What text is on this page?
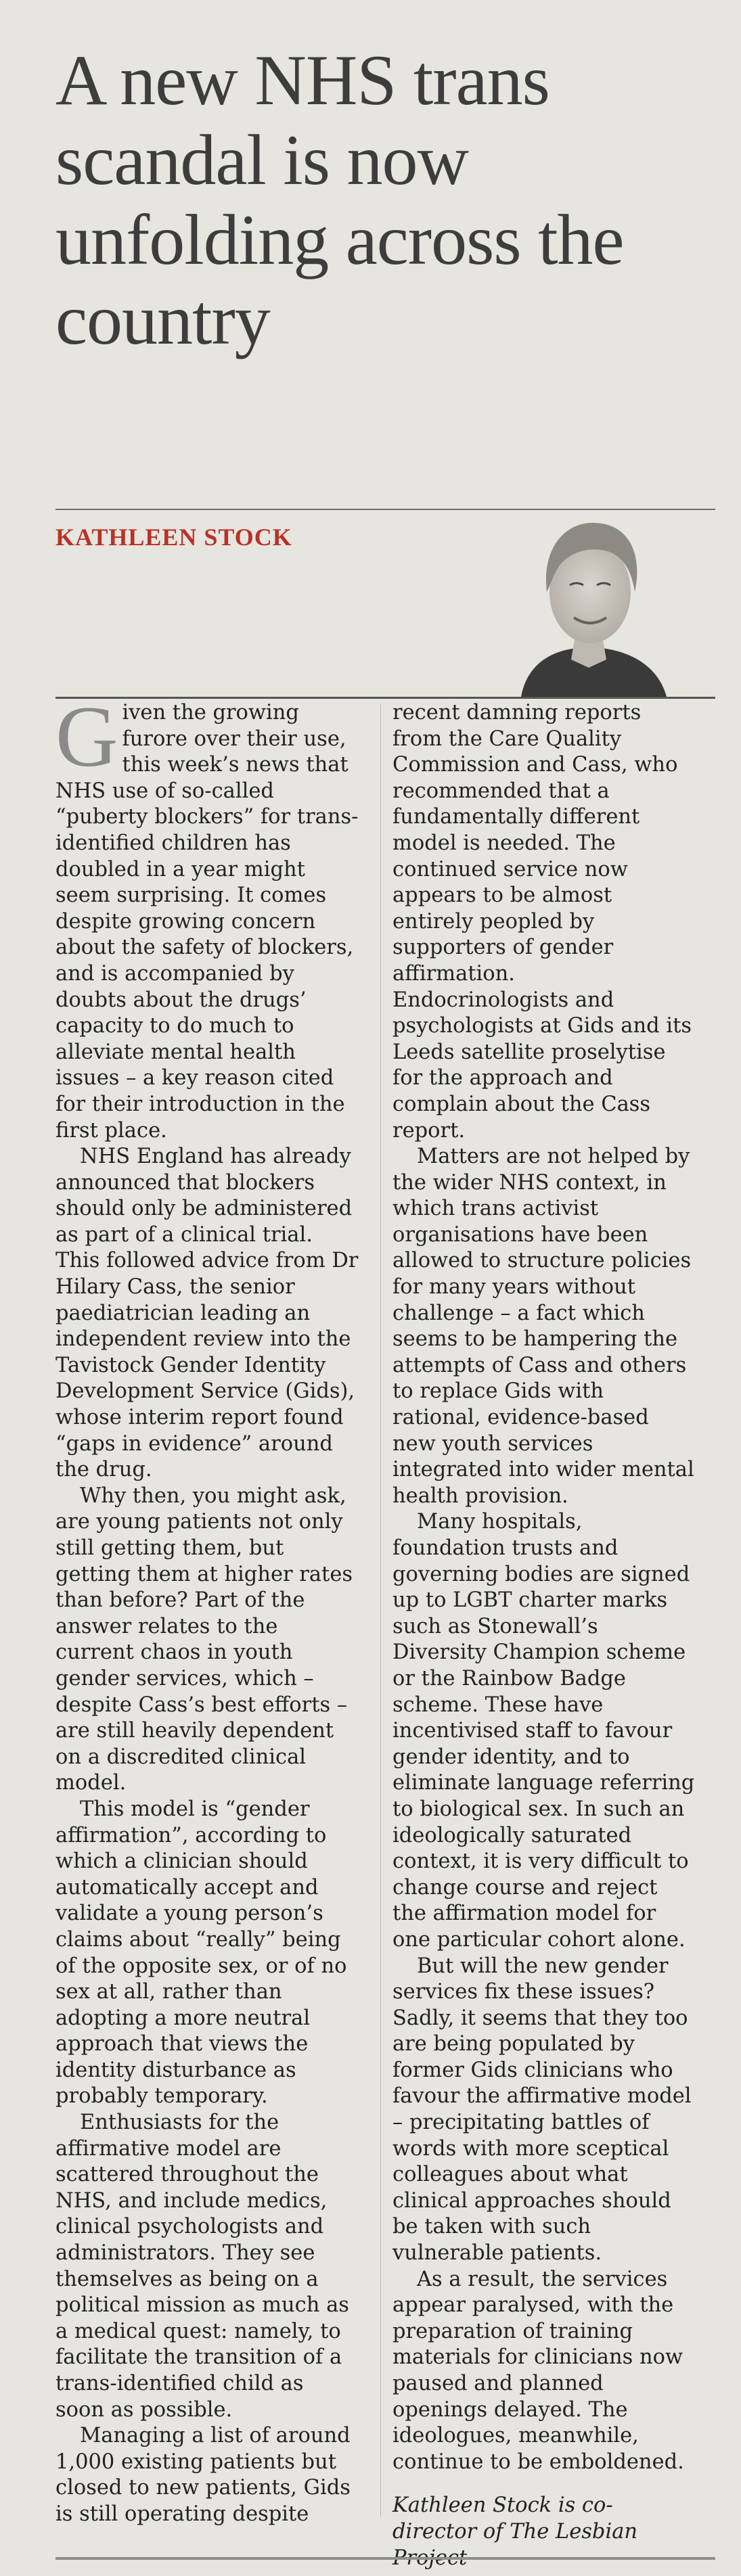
A new NHS trans scandal is now unfolding across the country
KATHLEEN STOCK

Given the growing furore over their use, this week’s news that NHS use of so-called “puberty blockers” for trans-identified children has doubled in a year might seem surprising. It comes despite growing concern about the safety of blockers, and is accompanied by doubts about the drugs’ capacity to do much to alleviate mental health issues – a key reason cited for their introduction in the first place.

NHS England has already announced that blockers should only be administered as part of a clinical trial. This followed advice from Dr Hilary Cass, the senior paediatrician leading an independent review into the Tavistock Gender Identity Development Service (Gids), whose interim report found “gaps in evidence” around the drug.

Why then, you might ask, are young patients not only still getting them, but getting them at higher rates than before? Part of the answer relates to the current chaos in youth gender services, which – despite Cass’s best efforts – are still heavily dependent on a discredited clinical model.

This model is “gender affirmation”, according to which a clinician should automatically accept and validate a young person’s claims about “really” being of the opposite sex, or of no sex at all, rather than adopting a more neutral approach that views the identity disturbance as probably temporary.

Enthusiasts for the affirmative model are scattered throughout the NHS, and include medics, clinical psychologists and administrators. They see themselves as being on a political mission as much as a medical quest: namely, to facilitate the transition of a trans-identified child as soon as possible.

Managing a list of around 1,000 existing patients but closed to new patients, Gids is still operating despite

recent damning reports from the Care Quality Commission and Cass, who recommended that a fundamentally different model is needed. The continued service now appears to be almost entirely peopled by supporters of gender affirmation. Endocrinologists and psychologists at Gids and its Leeds satellite proselytise for the approach and complain about the Cass report.

Matters are not helped by the wider NHS context, in which trans activist organisations have been allowed to structure policies for many years without challenge – a fact which seems to be hampering the attempts of Cass and others to replace Gids with rational, evidence-based new youth services integrated into wider mental health provision.

Many hospitals, foundation trusts and governing bodies are signed up to LGBT charter marks such as Stonewall’s Diversity Champion scheme or the Rainbow Badge scheme. These have incentivised staff to favour gender identity, and to eliminate language referring to biological sex. In such an ideologically saturated context, it is very difficult to change course and reject the affirmation model for one particular cohort alone.

But will the new gender services fix these issues? Sadly, it seems that they too are being populated by former Gids clinicians who favour the affirmative model – precipitating battles of words with more sceptical colleagues about what clinical approaches should be taken with such vulnerable patients.

As a result, the services appear paralysed, with the preparation of training materials for clinicians now paused and planned openings delayed. The ideologues, meanwhile, continue to be emboldened.

Kathleen Stock is co-director of The Lesbian Project
